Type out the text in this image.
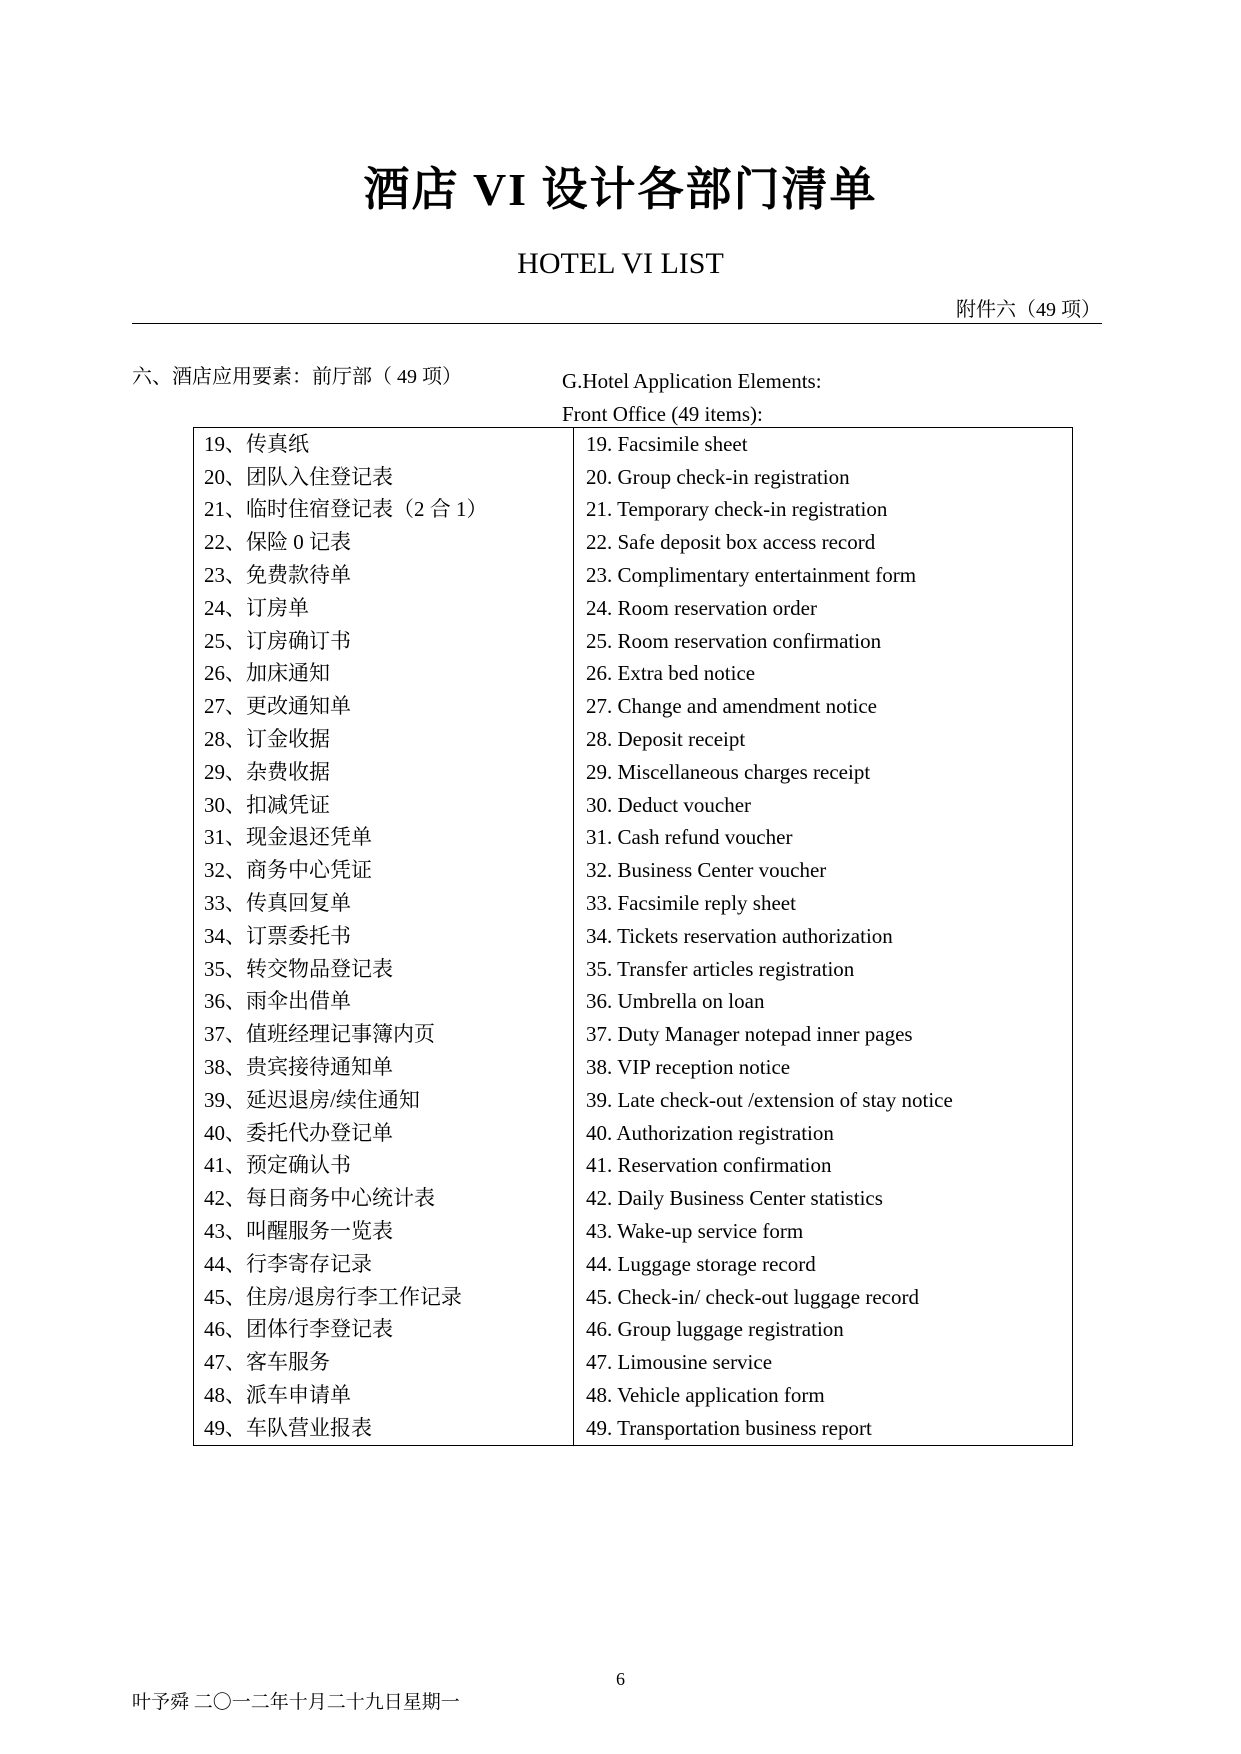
酒店 VI 设计各部门清单
HOTEL VI LIST
附件六（49 项）
六、酒店应用要素：前厅部（ 49 项）	G.Hotel Application Elements:
Front Office (49 items):
19、传真纸	19. Facsimile sheet
20、团队入住登记表	20. Group check-in registration
21、临时住宿登记表（2 合 1）	21. Temporary check-in registration
22、保险 0 记表	22. Safe deposit box access record
23、免费款待单	23. Complimentary entertainment form
24、订房单	24. Room reservation order
25、订房确订书	25. Room reservation confirmation
26、加床通知	26. Extra bed notice
27、更改通知单	27. Change and amendment notice
28、订金收据	28. Deposit receipt
29、杂费收据	29. Miscellaneous charges receipt
30、扣减凭证	30. Deduct voucher
31、现金退还凭单	31. Cash refund voucher
32、商务中心凭证	32. Business Center voucher
33、传真回复单	33. Facsimile reply sheet
34、订票委托书	34. Tickets reservation authorization
35、转交物品登记表	35. Transfer articles registration
36、雨伞出借单	36. Umbrella on loan
37、值班经理记事簿内页	37. Duty Manager notepad inner pages
38、贵宾接待通知单	38. VIP reception notice
39、延迟退房/续住通知	39. Late check-out /extension of stay notice
40、委托代办登记单	40. Authorization registration
41、预定确认书	41. Reservation confirmation
42、每日商务中心统计表	42. Daily Business Center statistics
43、叫醒服务一览表	43. Wake-up service form
44、行李寄存记录	44. Luggage storage record
45、住房/退房行李工作记录	45. Check-in/ check-out luggage record
46、团体行李登记表	46. Group luggage registration
47、客车服务	47. Limousine service
48、派车申请单	48. Vehicle application form
49、车队营业报表	49. Transportation business report
6
叶予舜 二〇一二年十月二十九日星期一
